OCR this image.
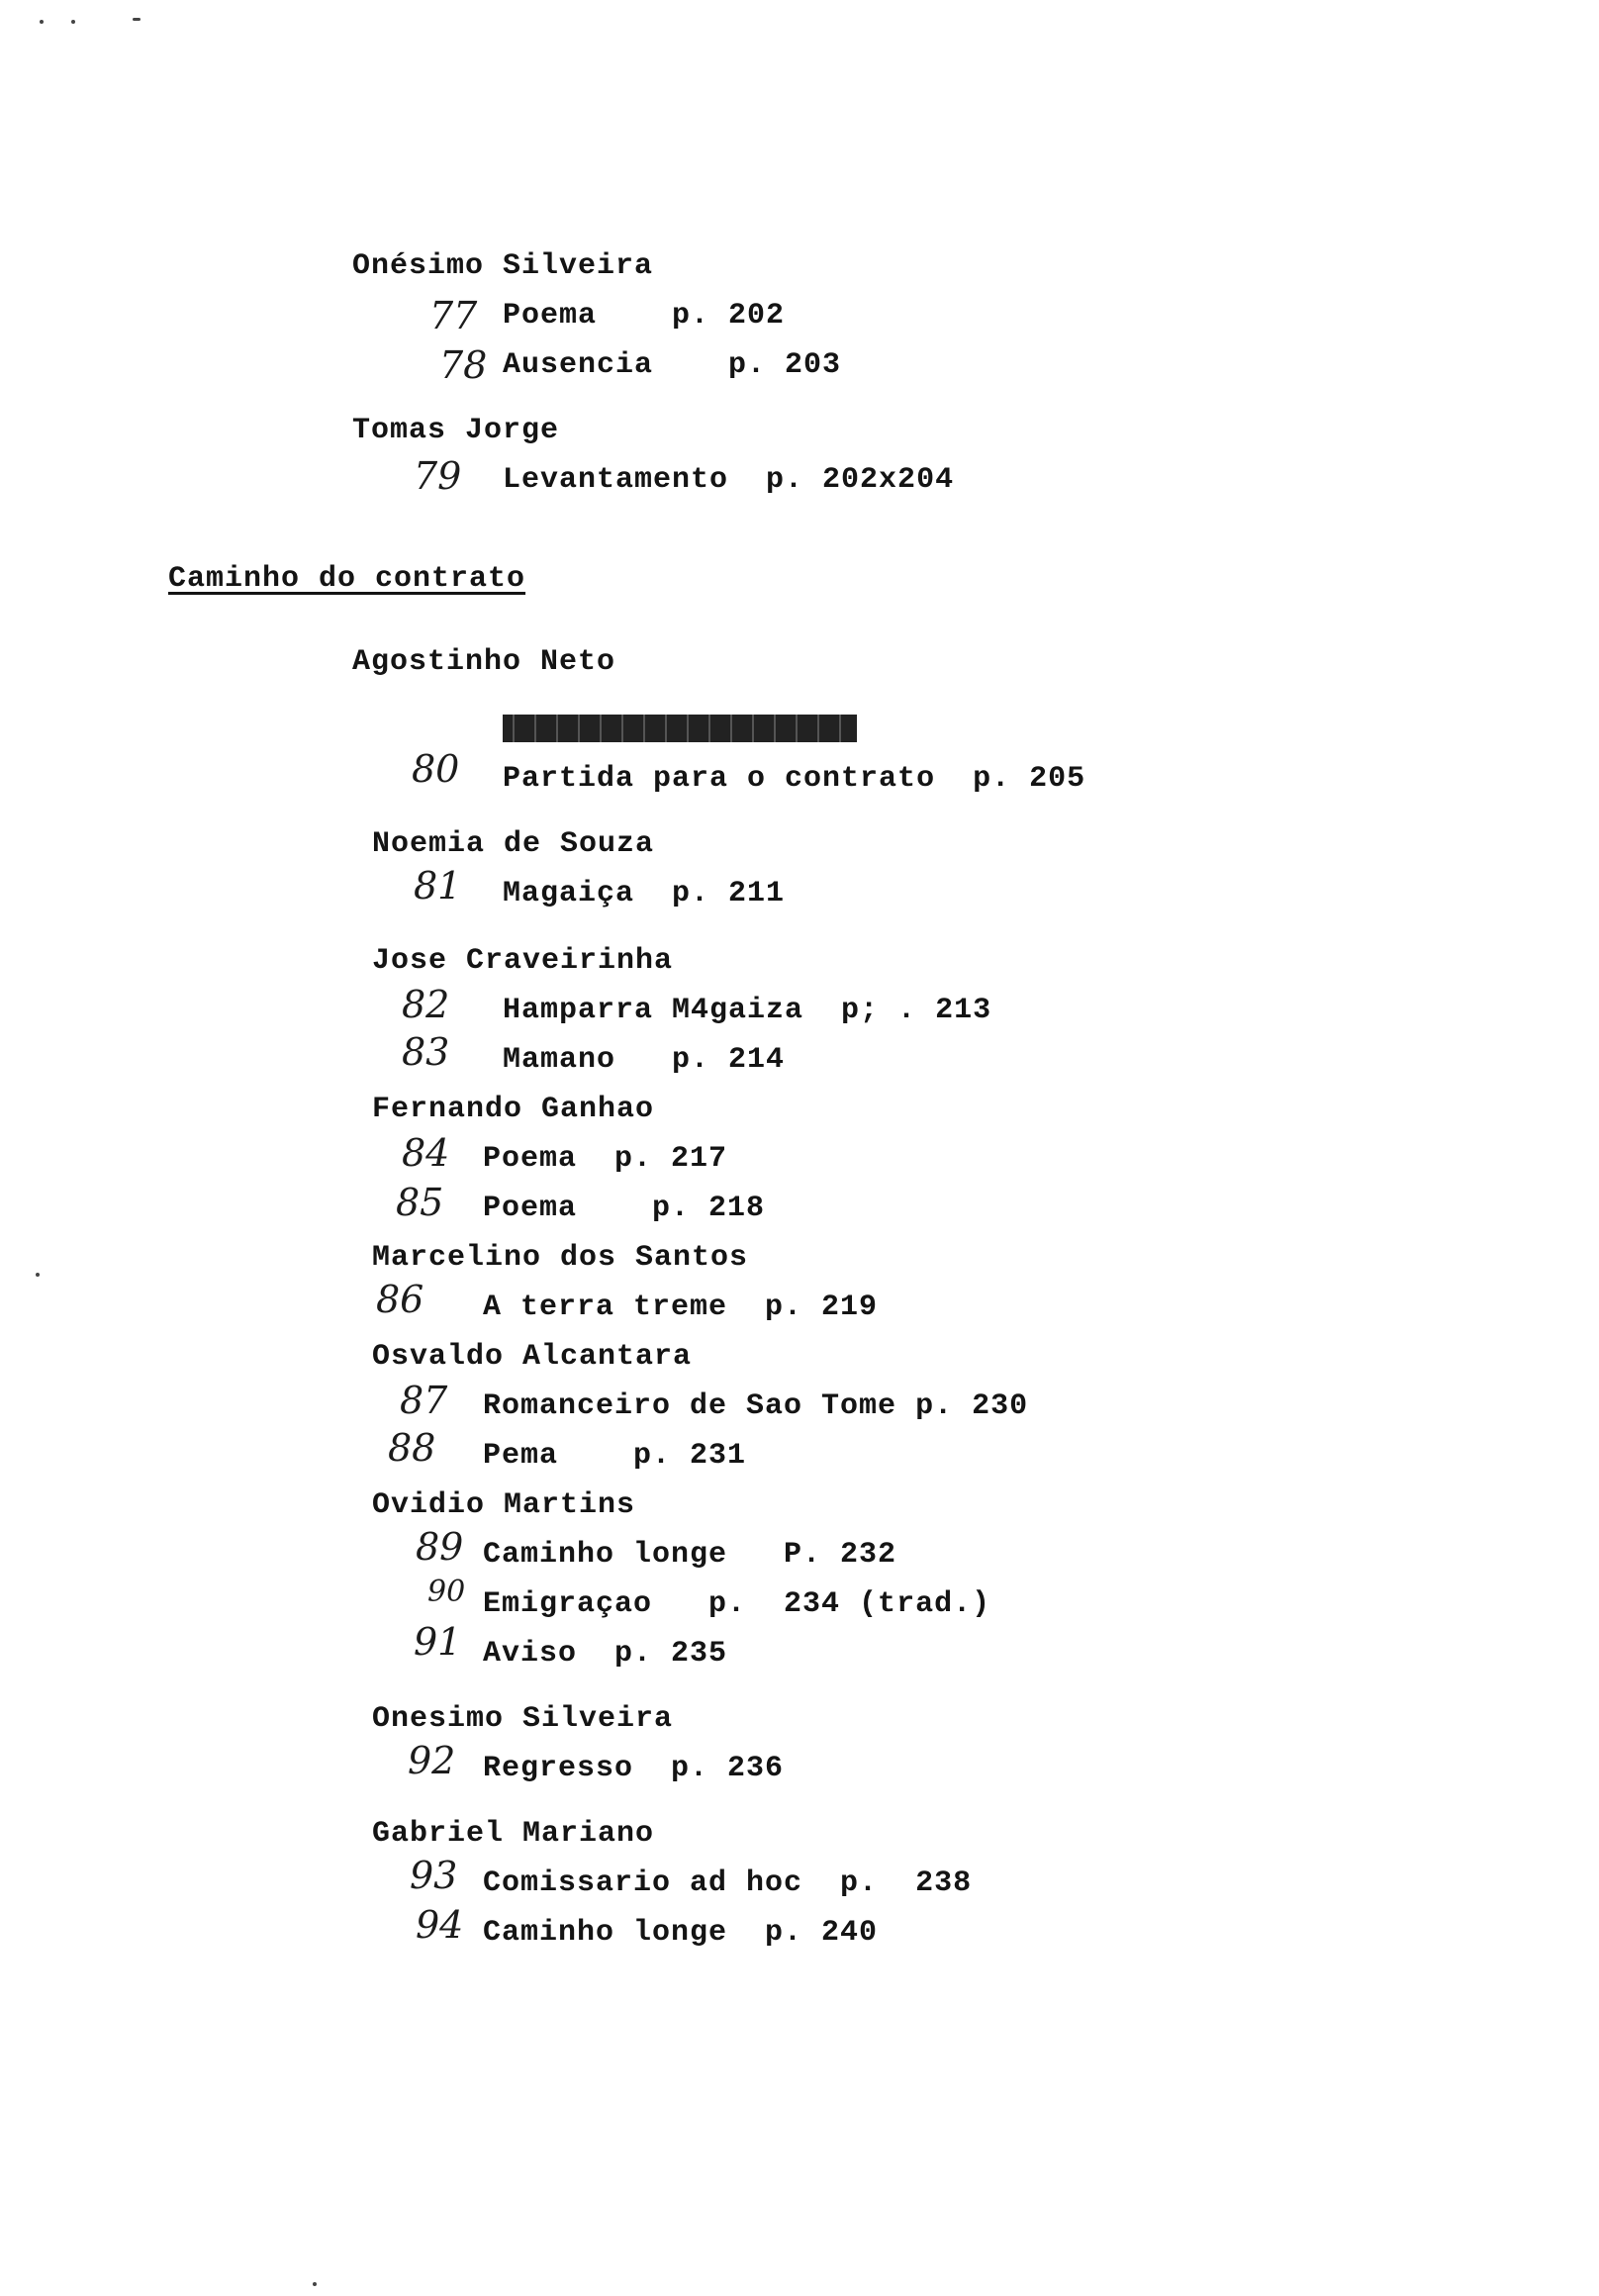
Onésimo Silveira
77 Poema    p. 202
78 Ausencia    p. 203
Tomas Jorge
79 Levantamento  p. 202x204
Caminho do contrato
Agostinho Neto
80 Partida para o contrato  p. 205
Noemia de Souza
81 Magaiça  p. 211
Jose Craveirinha
82 Hamparra M4gaiza  p; . 213
83 Mamano   p. 214
Fernando Ganhao
84 Poema  p. 217
85 Poema    p. 218
Marcelino dos Santos
86 A terra treme  p. 219
Osvaldo Alcantara
87 Romanceiro de Sao Tome p. 230
88 Pema    p. 231
Ovidio Martins
89 Caminho longe   P. 232
90 Emigraçao   p.  234 (trad.)
91 Aviso  p. 235
Onesimo Silveira
92 Regresso  p. 236
Gabriel Mariano
93 Comissario ad hoc  p.  238
94 Caminho longe  p. 240
